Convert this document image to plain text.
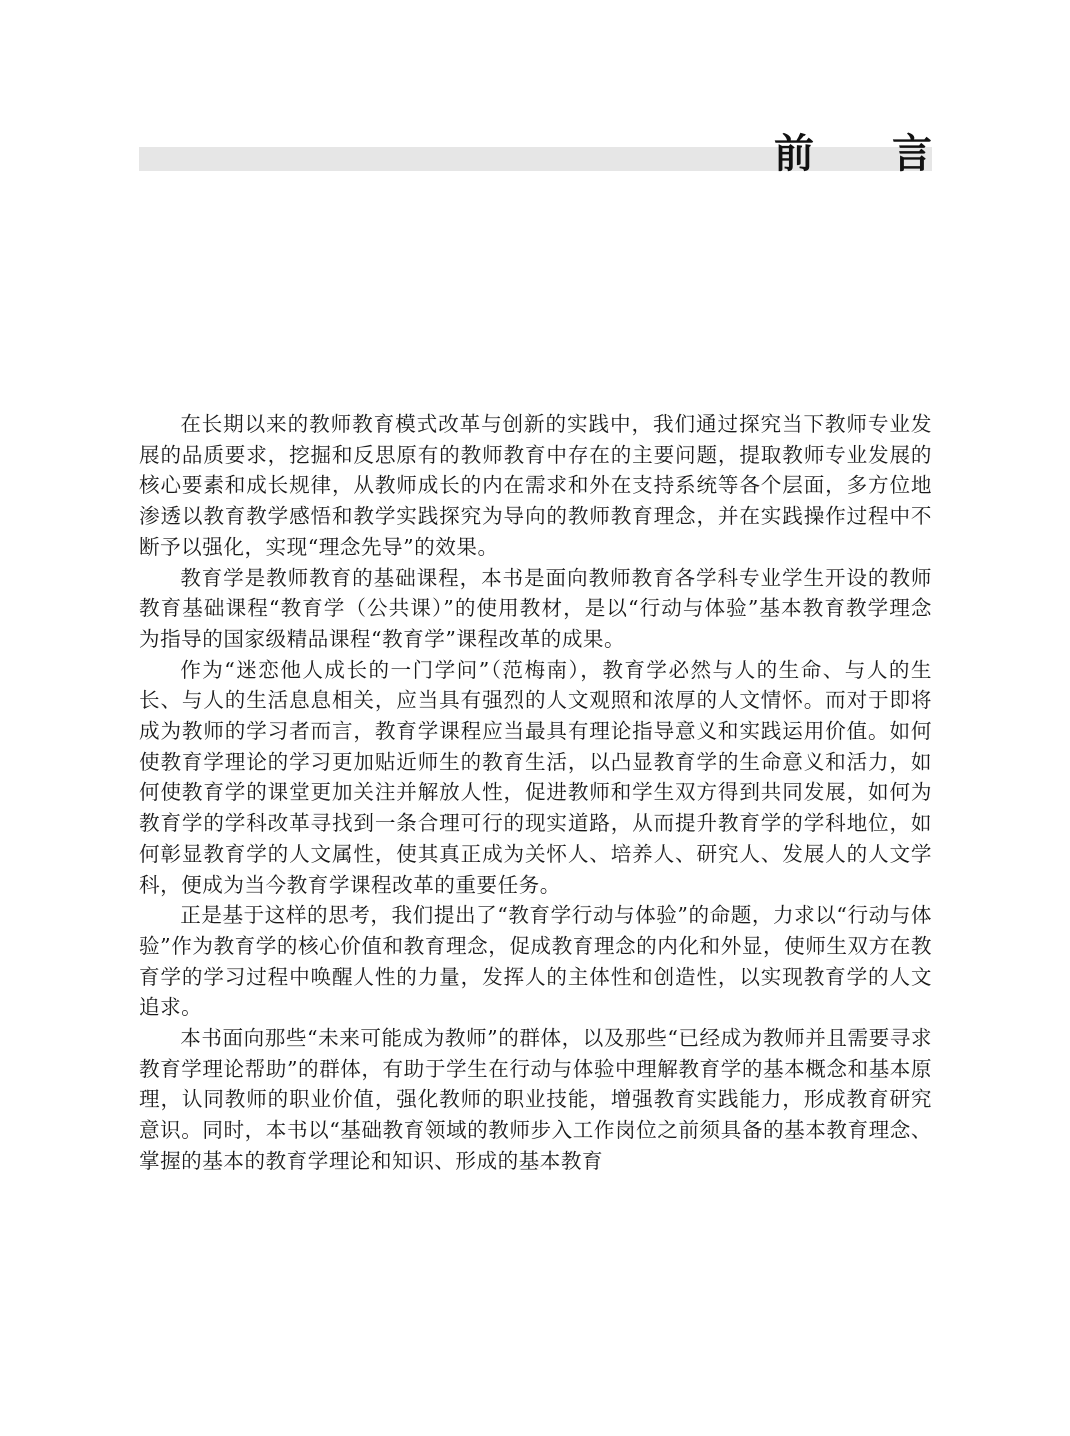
前言

在长期以来的教师教育模式改革与创新的实践中，我们通过探究当下教师专业发展的品质要求，挖掘和反思原有的教师教育中存在的主要问题，提取教师专业发展的核心要素和成长规律，从教师成长的内在需求和外在支持系统等各个层面，多方位地渗透以教育教学感悟和教学实践探究为导向的教师教育理念，并在实践操作过程中不断予以强化，实现“理念先导”的效果。

教育学是教师教育的基础课程，本书是面向教师教育各学科专业学生开设的教师教育基础课程“教育学（公共课）”的使用教材，是以“行动与体验”基本教育教学理念为指导的国家级精品课程“教育学”课程改革的成果。

作为“迷恋他人成长的一门学问”（范梅南），教育学必然与人的生命、与人的生长、与人的生活息息相关，应当具有强烈的人文观照和浓厚的人文情怀。而对于即将成为教师的学习者而言，教育学课程应当最具有理论指导意义和实践运用价值。如何使教育学理论的学习更加贴近师生的教育生活，以凸显教育学的生命意义和活力，如何使教育学的课堂更加关注并解放人性，促进教师和学生双方得到共同发展，如何为教育学的学科改革寻找到一条合理可行的现实道路，从而提升教育学的学科地位，如何彰显教育学的人文属性，使其真正成为关怀人、培养人、研究人、发展人的人文学科，便成为当今教育学课程改革的重要任务。

正是基于这样的思考，我们提出了“教育学行动与体验”的命题，力求以“行动与体验”作为教育学的核心价值和教育理念，促成教育理念的内化和外显，使师生双方在教育学的学习过程中唤醒人性的力量，发挥人的主体性和创造性，以实现教育学的人文追求。

本书面向那些“未来可能成为教师”的群体，以及那些“已经成为教师并且需要寻求教育学理论帮助”的群体，有助于学生在行动与体验中理解教育学的基本概念和基本原理，认同教师的职业价值，强化教师的职业技能，增强教育实践能力，形成教育研究意识。同时，本书以“基础教育领域的教师步入工作岗位之前须具备的基本教育理念、掌握的基本的教育学理论和知识、形成的基本教育
